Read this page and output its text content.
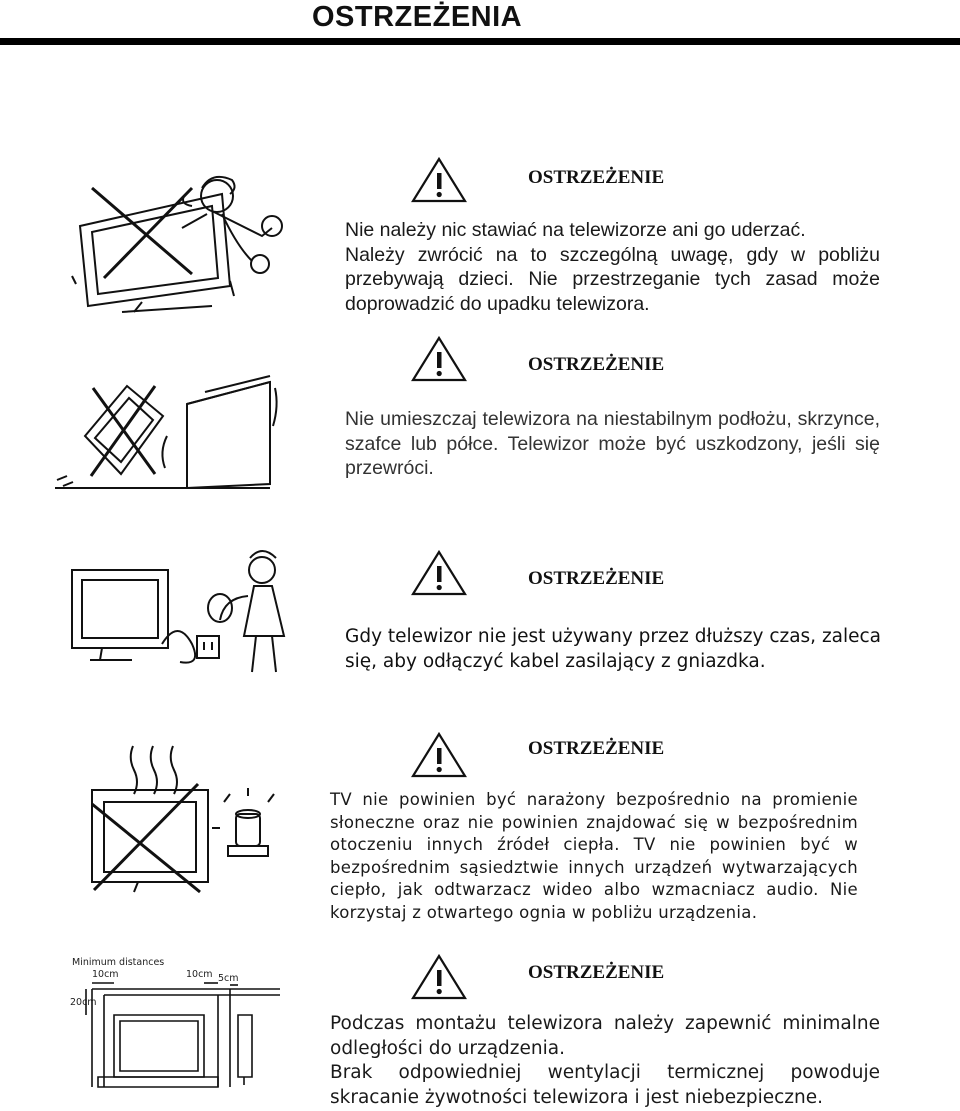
OSTRZEŻENIA
OSTRZEŻENIE
Nie należy nic stawiać na telewizorze ani go uderzać.
Należy zwrócić na to szczególną uwagę, gdy w pobliżu przebywają dzieci. Nie przestrzeganie tych zasad może doprowadzić do upadku telewizora.
OSTRZEŻENIE
Nie umieszczaj telewizora na niestabilnym podłożu, skrzynce, szafce lub półce. Telewizor może być uszkodzony, jeśli się przewróci.
OSTRZEŻENIE
Gdy telewizor nie jest używany przez dłuższy czas, zaleca się, aby odłączyć kabel zasilający z gniazdka.
OSTRZEŻENIE
TV nie powinien być narażony bezpośrednio na promienie słoneczne oraz nie powinien znajdować się w bezpośrednim otoczeniu innych źródeł ciepła. TV nie powinien być w bezpośrednim sąsiedztwie innych urządzeń wytwarzających ciepło, jak odtwarzacz wideo albo wzmacniacz audio. Nie korzystaj z otwartego ognia w pobliżu urządzenia.
Minimum distances
10cm	10cm 5cm
20cm
OSTRZEŻENIE
Podczas montażu telewizora należy zapewnić minimalne odległości do urządzenia.
Brak odpowiedniej wentylacji termicznej powoduje skracanie żywotności telewizora i jest niebezpieczne.
